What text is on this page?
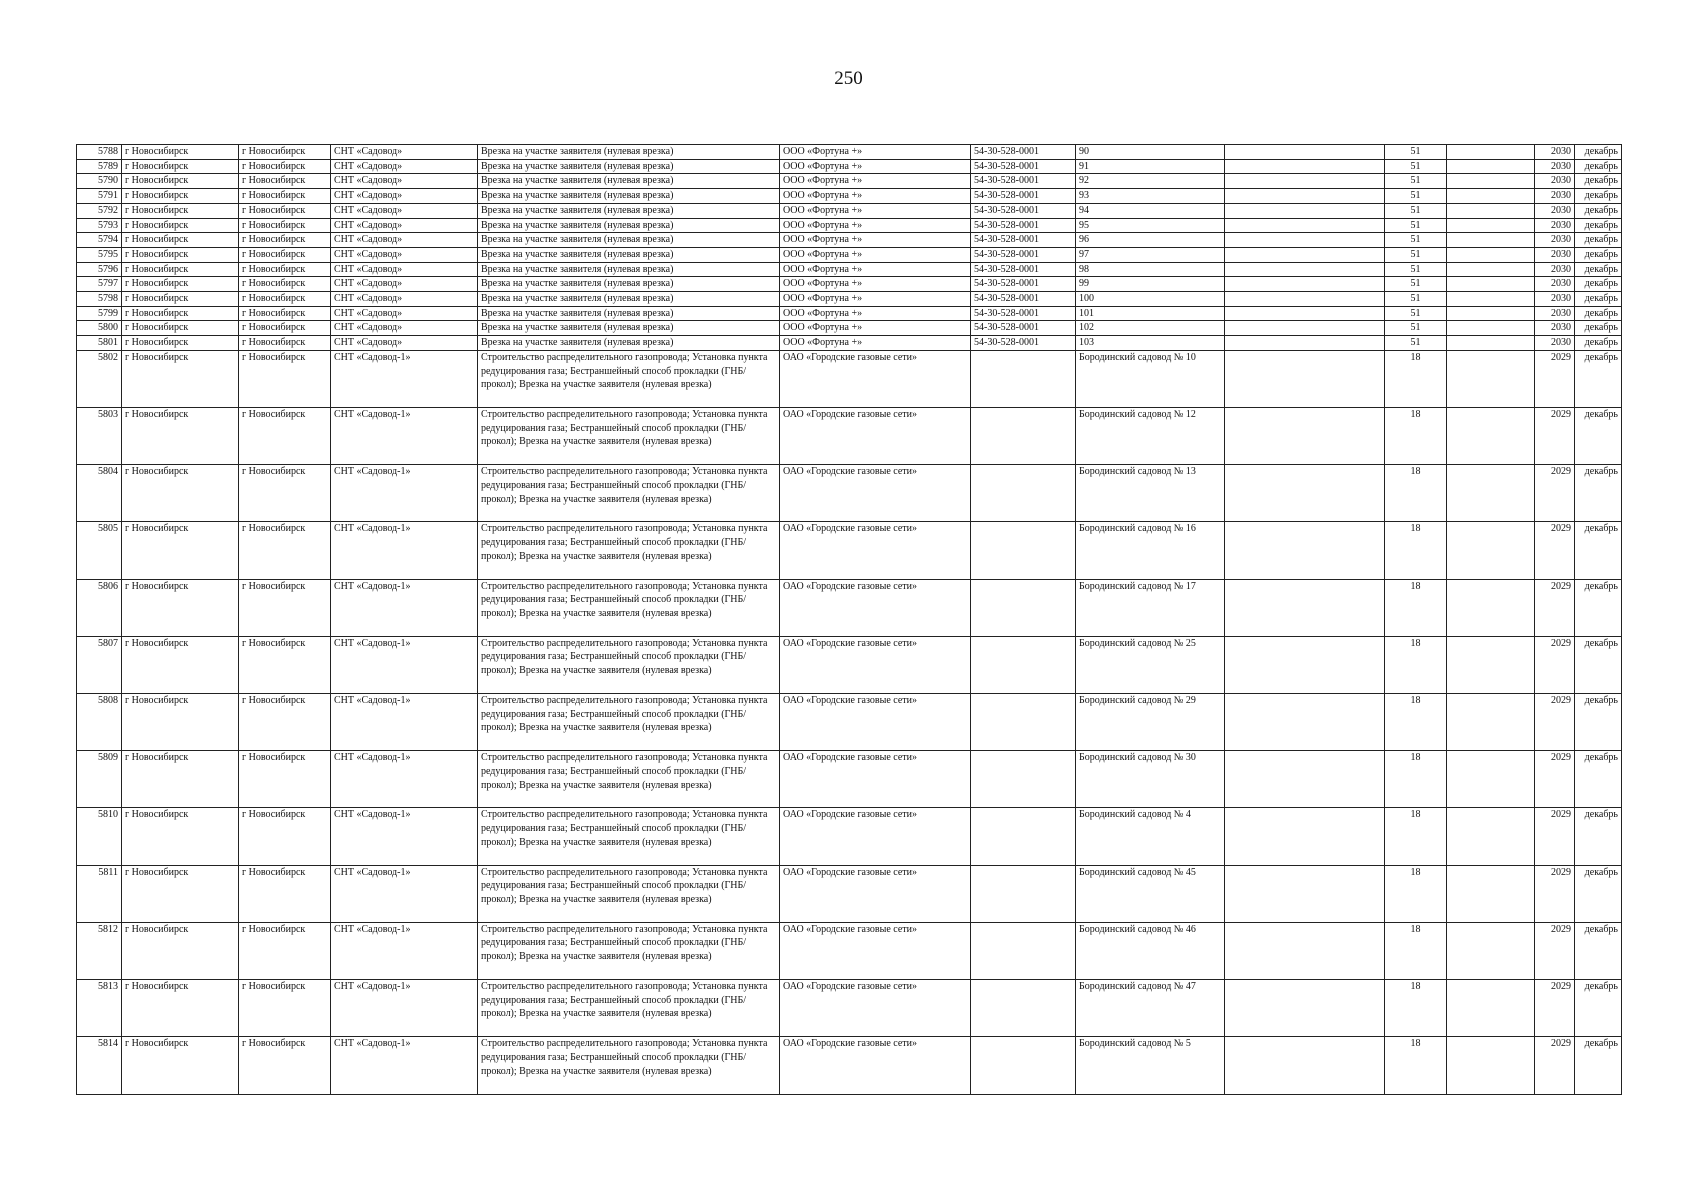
250
5788	г Новосибирск	г Новосибирск	СНТ «Садовод»	Врезка на участке заявителя (нулевая врезка)	ООО «Фортуна +»	54-30-528-0001	90		51		2030	декабрь
5789	г Новосибирск	г Новосибирск	СНТ «Садовод»	Врезка на участке заявителя (нулевая врезка)	ООО «Фортуна +»	54-30-528-0001	91		51		2030	декабрь
5790	г Новосибирск	г Новосибирск	СНТ «Садовод»	Врезка на участке заявителя (нулевая врезка)	ООО «Фортуна +»	54-30-528-0001	92		51		2030	декабрь
5791	г Новосибирск	г Новосибирск	СНТ «Садовод»	Врезка на участке заявителя (нулевая врезка)	ООО «Фортуна +»	54-30-528-0001	93		51		2030	декабрь
5792	г Новосибирск	г Новосибирск	СНТ «Садовод»	Врезка на участке заявителя (нулевая врезка)	ООО «Фортуна +»	54-30-528-0001	94		51		2030	декабрь
5793	г Новосибирск	г Новосибирск	СНТ «Садовод»	Врезка на участке заявителя (нулевая врезка)	ООО «Фортуна +»	54-30-528-0001	95		51		2030	декабрь
5794	г Новосибирск	г Новосибирск	СНТ «Садовод»	Врезка на участке заявителя (нулевая врезка)	ООО «Фортуна +»	54-30-528-0001	96		51		2030	декабрь
5795	г Новосибирск	г Новосибирск	СНТ «Садовод»	Врезка на участке заявителя (нулевая врезка)	ООО «Фортуна +»	54-30-528-0001	97		51		2030	декабрь
5796	г Новосибирск	г Новосибирск	СНТ «Садовод»	Врезка на участке заявителя (нулевая врезка)	ООО «Фортуна +»	54-30-528-0001	98		51		2030	декабрь
5797	г Новосибирск	г Новосибирск	СНТ «Садовод»	Врезка на участке заявителя (нулевая врезка)	ООО «Фортуна +»	54-30-528-0001	99		51		2030	декабрь
5798	г Новосибирск	г Новосибирск	СНТ «Садовод»	Врезка на участке заявителя (нулевая врезка)	ООО «Фортуна +»	54-30-528-0001	100		51		2030	декабрь
5799	г Новосибирск	г Новосибирск	СНТ «Садовод»	Врезка на участке заявителя (нулевая врезка)	ООО «Фортуна +»	54-30-528-0001	101		51		2030	декабрь
5800	г Новосибирск	г Новосибирск	СНТ «Садовод»	Врезка на участке заявителя (нулевая врезка)	ООО «Фортуна +»	54-30-528-0001	102		51		2030	декабрь
5801	г Новосибирск	г Новосибирск	СНТ «Садовод»	Врезка на участке заявителя (нулевая врезка)	ООО «Фортуна +»	54-30-528-0001	103		51		2030	декабрь
5802	г Новосибирск	г Новосибирск	СНТ «Садовод-1»	Строительство распределительного газопровода; Установка пункта редуцирования газа; Бестраншейный способ прокладки (ГНБ/прокол); Врезка на участке заявителя (нулевая врезка)	ОАО «Городские газовые сети»		Бородинский садовод № 10		18		2029	декабрь
5803	г Новосибирск	г Новосибирск	СНТ «Садовод-1»	Строительство распределительного газопровода; Установка пункта редуцирования газа; Бестраншейный способ прокладки (ГНБ/прокол); Врезка на участке заявителя (нулевая врезка)	ОАО «Городские газовые сети»		Бородинский садовод № 12		18		2029	декабрь
5804	г Новосибирск	г Новосибирск	СНТ «Садовод-1»	Строительство распределительного газопровода; Установка пункта редуцирования газа; Бестраншейный способ прокладки (ГНБ/прокол); Врезка на участке заявителя (нулевая врезка)	ОАО «Городские газовые сети»		Бородинский садовод № 13		18		2029	декабрь
5805	г Новосибирск	г Новосибирск	СНТ «Садовод-1»	Строительство распределительного газопровода; Установка пункта редуцирования газа; Бестраншейный способ прокладки (ГНБ/прокол); Врезка на участке заявителя (нулевая врезка)	ОАО «Городские газовые сети»		Бородинский садовод № 16		18		2029	декабрь
5806	г Новосибирск	г Новосибирск	СНТ «Садовод-1»	Строительство распределительного газопровода; Установка пункта редуцирования газа; Бестраншейный способ прокладки (ГНБ/прокол); Врезка на участке заявителя (нулевая врезка)	ОАО «Городские газовые сети»		Бородинский садовод № 17		18		2029	декабрь
5807	г Новосибирск	г Новосибирск	СНТ «Садовод-1»	Строительство распределительного газопровода; Установка пункта редуцирования газа; Бестраншейный способ прокладки (ГНБ/прокол); Врезка на участке заявителя (нулевая врезка)	ОАО «Городские газовые сети»		Бородинский садовод № 25		18		2029	декабрь
5808	г Новосибирск	г Новосибирск	СНТ «Садовод-1»	Строительство распределительного газопровода; Установка пункта редуцирования газа; Бестраншейный способ прокладки (ГНБ/прокол); Врезка на участке заявителя (нулевая врезка)	ОАО «Городские газовые сети»		Бородинский садовод № 29		18		2029	декабрь
5809	г Новосибирск	г Новосибирск	СНТ «Садовод-1»	Строительство распределительного газопровода; Установка пункта редуцирования газа; Бестраншейный способ прокладки (ГНБ/прокол); Врезка на участке заявителя (нулевая врезка)	ОАО «Городские газовые сети»		Бородинский садовод № 30		18		2029	декабрь
5810	г Новосибирск	г Новосибирск	СНТ «Садовод-1»	Строительство распределительного газопровода; Установка пункта редуцирования газа; Бестраншейный способ прокладки (ГНБ/прокол); Врезка на участке заявителя (нулевая врезка)	ОАО «Городские газовые сети»		Бородинский садовод № 4		18		2029	декабрь
5811	г Новосибирск	г Новосибирск	СНТ «Садовод-1»	Строительство распределительного газопровода; Установка пункта редуцирования газа; Бестраншейный способ прокладки (ГНБ/прокол); Врезка на участке заявителя (нулевая врезка)	ОАО «Городские газовые сети»		Бородинский садовод № 45		18		2029	декабрь
5812	г Новосибирск	г Новосибирск	СНТ «Садовод-1»	Строительство распределительного газопровода; Установка пункта редуцирования газа; Бестраншейный способ прокладки (ГНБ/прокол); Врезка на участке заявителя (нулевая врезка)	ОАО «Городские газовые сети»		Бородинский садовод № 46		18		2029	декабрь
5813	г Новосибирск	г Новосибирск	СНТ «Садовод-1»	Строительство распределительного газопровода; Установка пункта редуцирования газа; Бестраншейный способ прокладки (ГНБ/прокол); Врезка на участке заявителя (нулевая врезка)	ОАО «Городские газовые сети»		Бородинский садовод № 47		18		2029	декабрь
5814	г Новосибирск	г Новосибирск	СНТ «Садовод-1»	Строительство распределительного газопровода; Установка пункта редуцирования газа; Бестраншейный способ прокладки (ГНБ/прокол); Врезка на участке заявителя (нулевая врезка)	ОАО «Городские газовые сети»		Бородинский садовод № 5		18		2029	декабрь
